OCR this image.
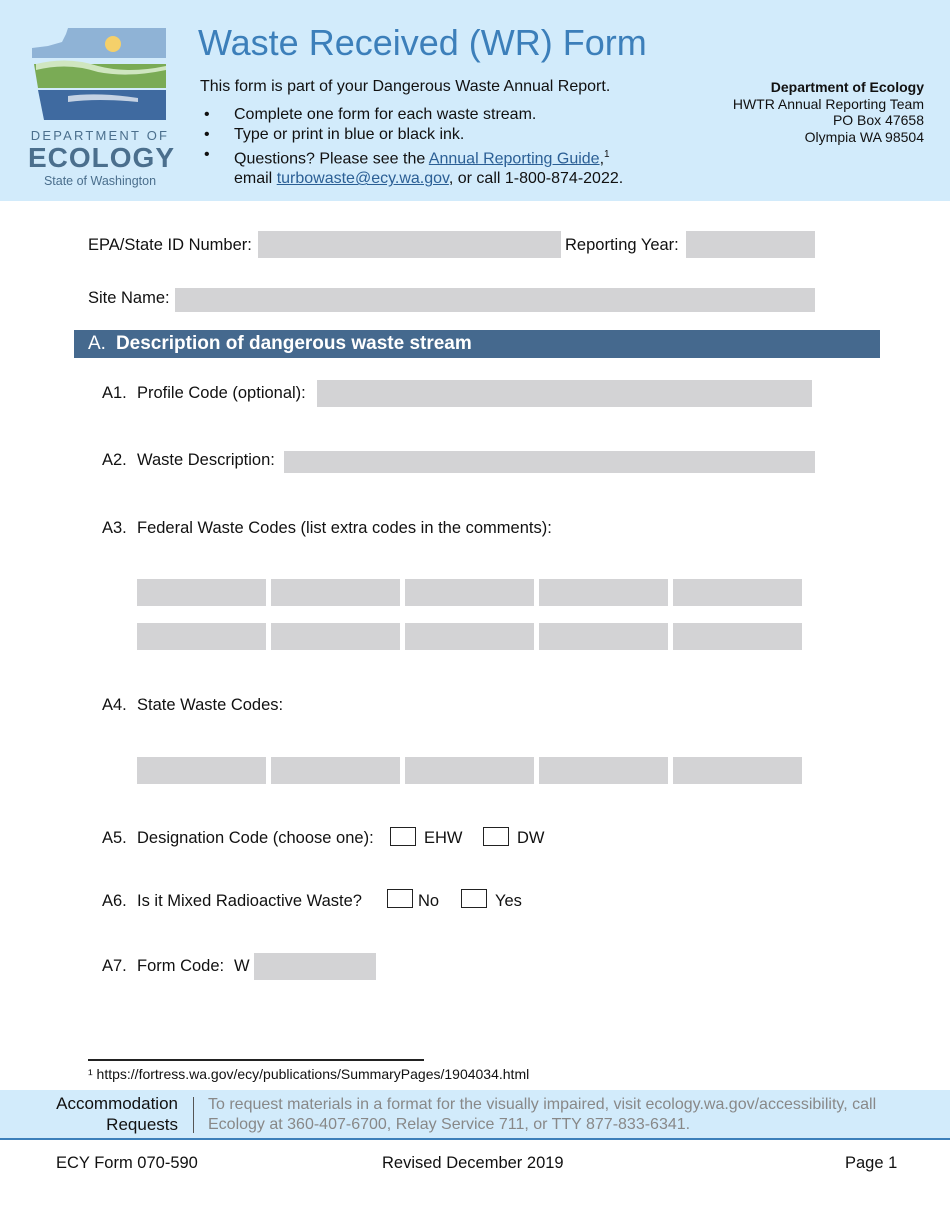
DEPARTMENT OF
ECOLOGY
State of Washington
Waste Received (WR) Form
This form is part of your Dangerous Waste Annual Report.
• Complete one form for each waste stream.
• Type or print in blue or black ink.
• Questions? Please see the Annual Reporting Guide,$^1$
email turbowaste@ecy.wa.gov, or call 1-800-874-2022.
Department of Ecology
HWTR Annual Reporting Team
PO Box 47658
Olympia WA 98504
EPA/State ID Number:	Reporting Year:
Site Name:
A. Description of dangerous waste stream
A1. Profile Code (optional):
A2. Waste Description:
A3. Federal Waste Codes (list extra codes in the comments):
A4. State Waste Codes:
A5. Designation Code (choose one):	EHW	DW
A6. Is it Mixed Radioactive Waste?	No	Yes
A7. Form Code: W
¹ https://fortress.wa.gov/ecy/publications/SummaryPages/1904034.html
Accommodation
Requests
To request materials in a format for the visually impaired, visit ecology.wa.gov/accessibility, call Ecology at 360-407-6700, Relay Service 711, or TTY 877-833-6341.
ECY Form 070-590	Revised December 2019	Page 1
